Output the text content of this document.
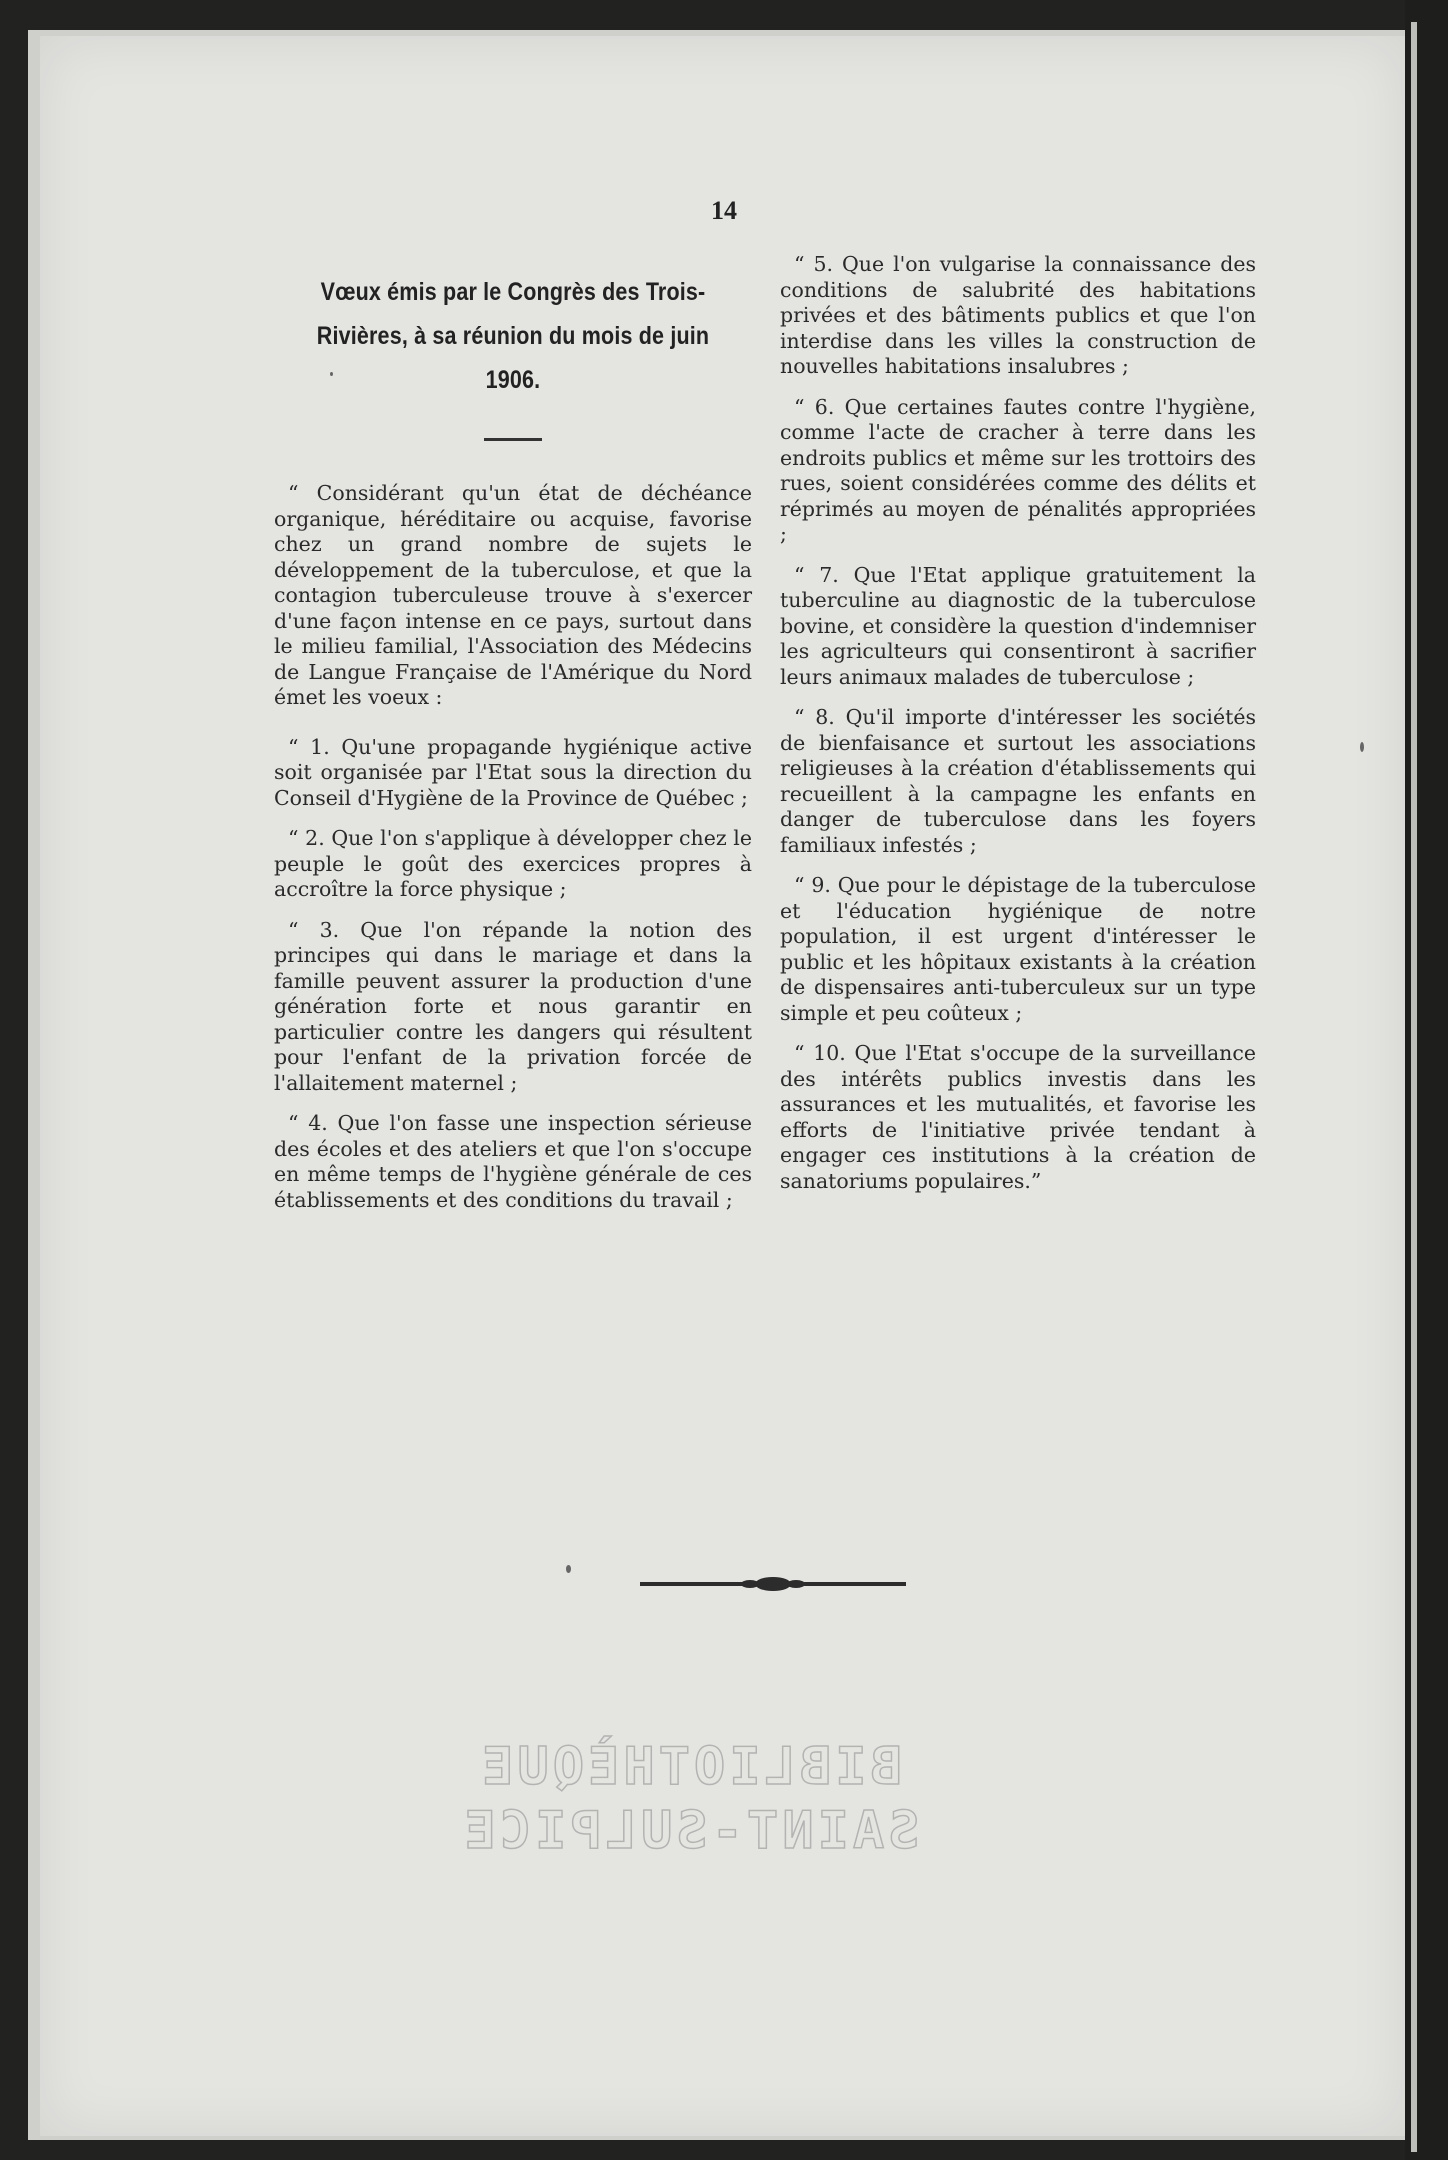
14
Vœux émis par le Congrès des Trois-Rivières, à sa réunion du mois de juin 1906.

“ Considérant qu'un état de déchéance organique, héréditaire ou acquise, favorise chez un grand nombre de sujets le développement de la tuberculose, et que la contagion tuberculeuse trouve à s'exercer d'une façon intense en ce pays, surtout dans le milieu familial, l'Association des Médecins de Langue Française de l'Amérique du Nord émet les voeux :

“ 1. Qu'une propagande hygiénique active soit organisée par l'Etat sous la direction du Conseil d'Hygiène de la Province de Québec ;

“ 2. Que l'on s'applique à développer chez le peuple le goût des exercices propres à accroître la force physique ;

“ 3. Que l'on répande la notion des principes qui dans le mariage et dans la famille peuvent assurer la production d'une génération forte et nous garantir en particulier contre les dangers qui résultent pour l'enfant de la privation forcée de l'allaitement maternel ;

“ 4. Que l'on fasse une inspection sérieuse des écoles et des ateliers et que l'on s'occupe en même temps de l'hygiène générale de ces établissements et des conditions du travail ;

“ 5. Que l'on vulgarise la connaissance des conditions de salubrité des habitations privées et des bâtiments publics et que l'on interdise dans les villes la construction de nouvelles habitations insalubres ;

“ 6. Que certaines fautes contre l'hygiène, comme l'acte de cracher à terre dans les endroits publics et même sur les trottoirs des rues, soient considérées comme des délits et réprimés au moyen de pénalités appropriées ;

“ 7. Que l'Etat applique gratuitement la tuberculine au diagnostic de la tuberculose bovine, et considère la question d'indemniser les agriculteurs qui consentiront à sacrifier leurs animaux malades de tuberculose ;

“ 8. Qu'il importe d'intéresser les sociétés de bienfaisance et surtout les associations religieuses à la création d'établissements qui recueillent à la campagne les enfants en danger de tuberculose dans les foyers familiaux infestés ;

“ 9. Que pour le dépistage de la tuberculose et l'éducation hygiénique de notre population, il est urgent d'intéresser le public et les hôpitaux existants à la création de dispensaires anti-tuberculeux sur un type simple et peu coûteux ;

“ 10. Que l'Etat s'occupe de la surveillance des intérêts publics investis dans les assurances et les mutualités, et favorise les efforts de l'initiative privée tendant à engager ces institutions à la création de sanatoriums populaires.”

BIBLIOTHÈQUE
SAINT-SULPICE
